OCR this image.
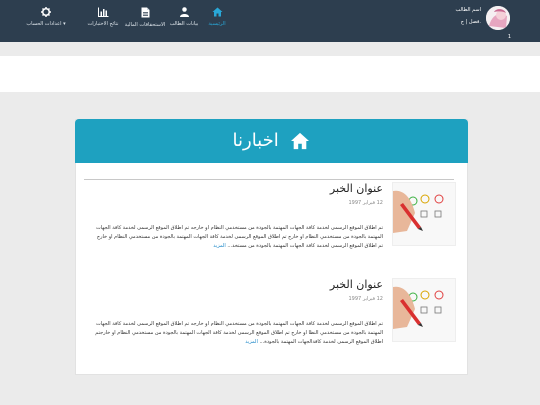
اعدادات الحساب ▾	نتائج الاختبارات	الاستحقاقات المالية بيانات الطالب	الرئيسية
اسم الطالب
فصل | ج.
1
اخبارنا
عنوان الخبر
12 فبراير 1997
تم اطلاق الموقع الرسمى لخدمة كافة الجهات المهتمة بالجودة من مستخدمي النظام او خارجه تم اطلاق الموقع الرسمى لخدمة كافة الجهات المهتمة بالجودة من مستخدمي النظام او خارج تم اطلاق الموقع الرسمى لخدمة كافة الجهات المهتمة بالجودة من مستخدمي النظام او خارج تم اطلاق الموقع الرسمى لخدمة كافة الجهات المهتمة بالجودة من مستخد... المزيد
عنوان الخبر
12 فبراير 1997
تم اطلاق الموقع الرسمى لخدمة كافة الجهات المهتمة بالجودة من مستخدمي النظام او خارجه تم اطلاق الموقع الرسمى لخدمة كافة الجهات المهتمة بالجودة من مستخدمي النظا او خارج تم اطلاق الموقع الرسمى لخدمة كافة الجهات المهتمة بالجودة من مستخدمي النظام او خارجتم اطلاق الموقع الرسمى لخدمة كافةالجهات المهتمة بالجودة... المزيد
